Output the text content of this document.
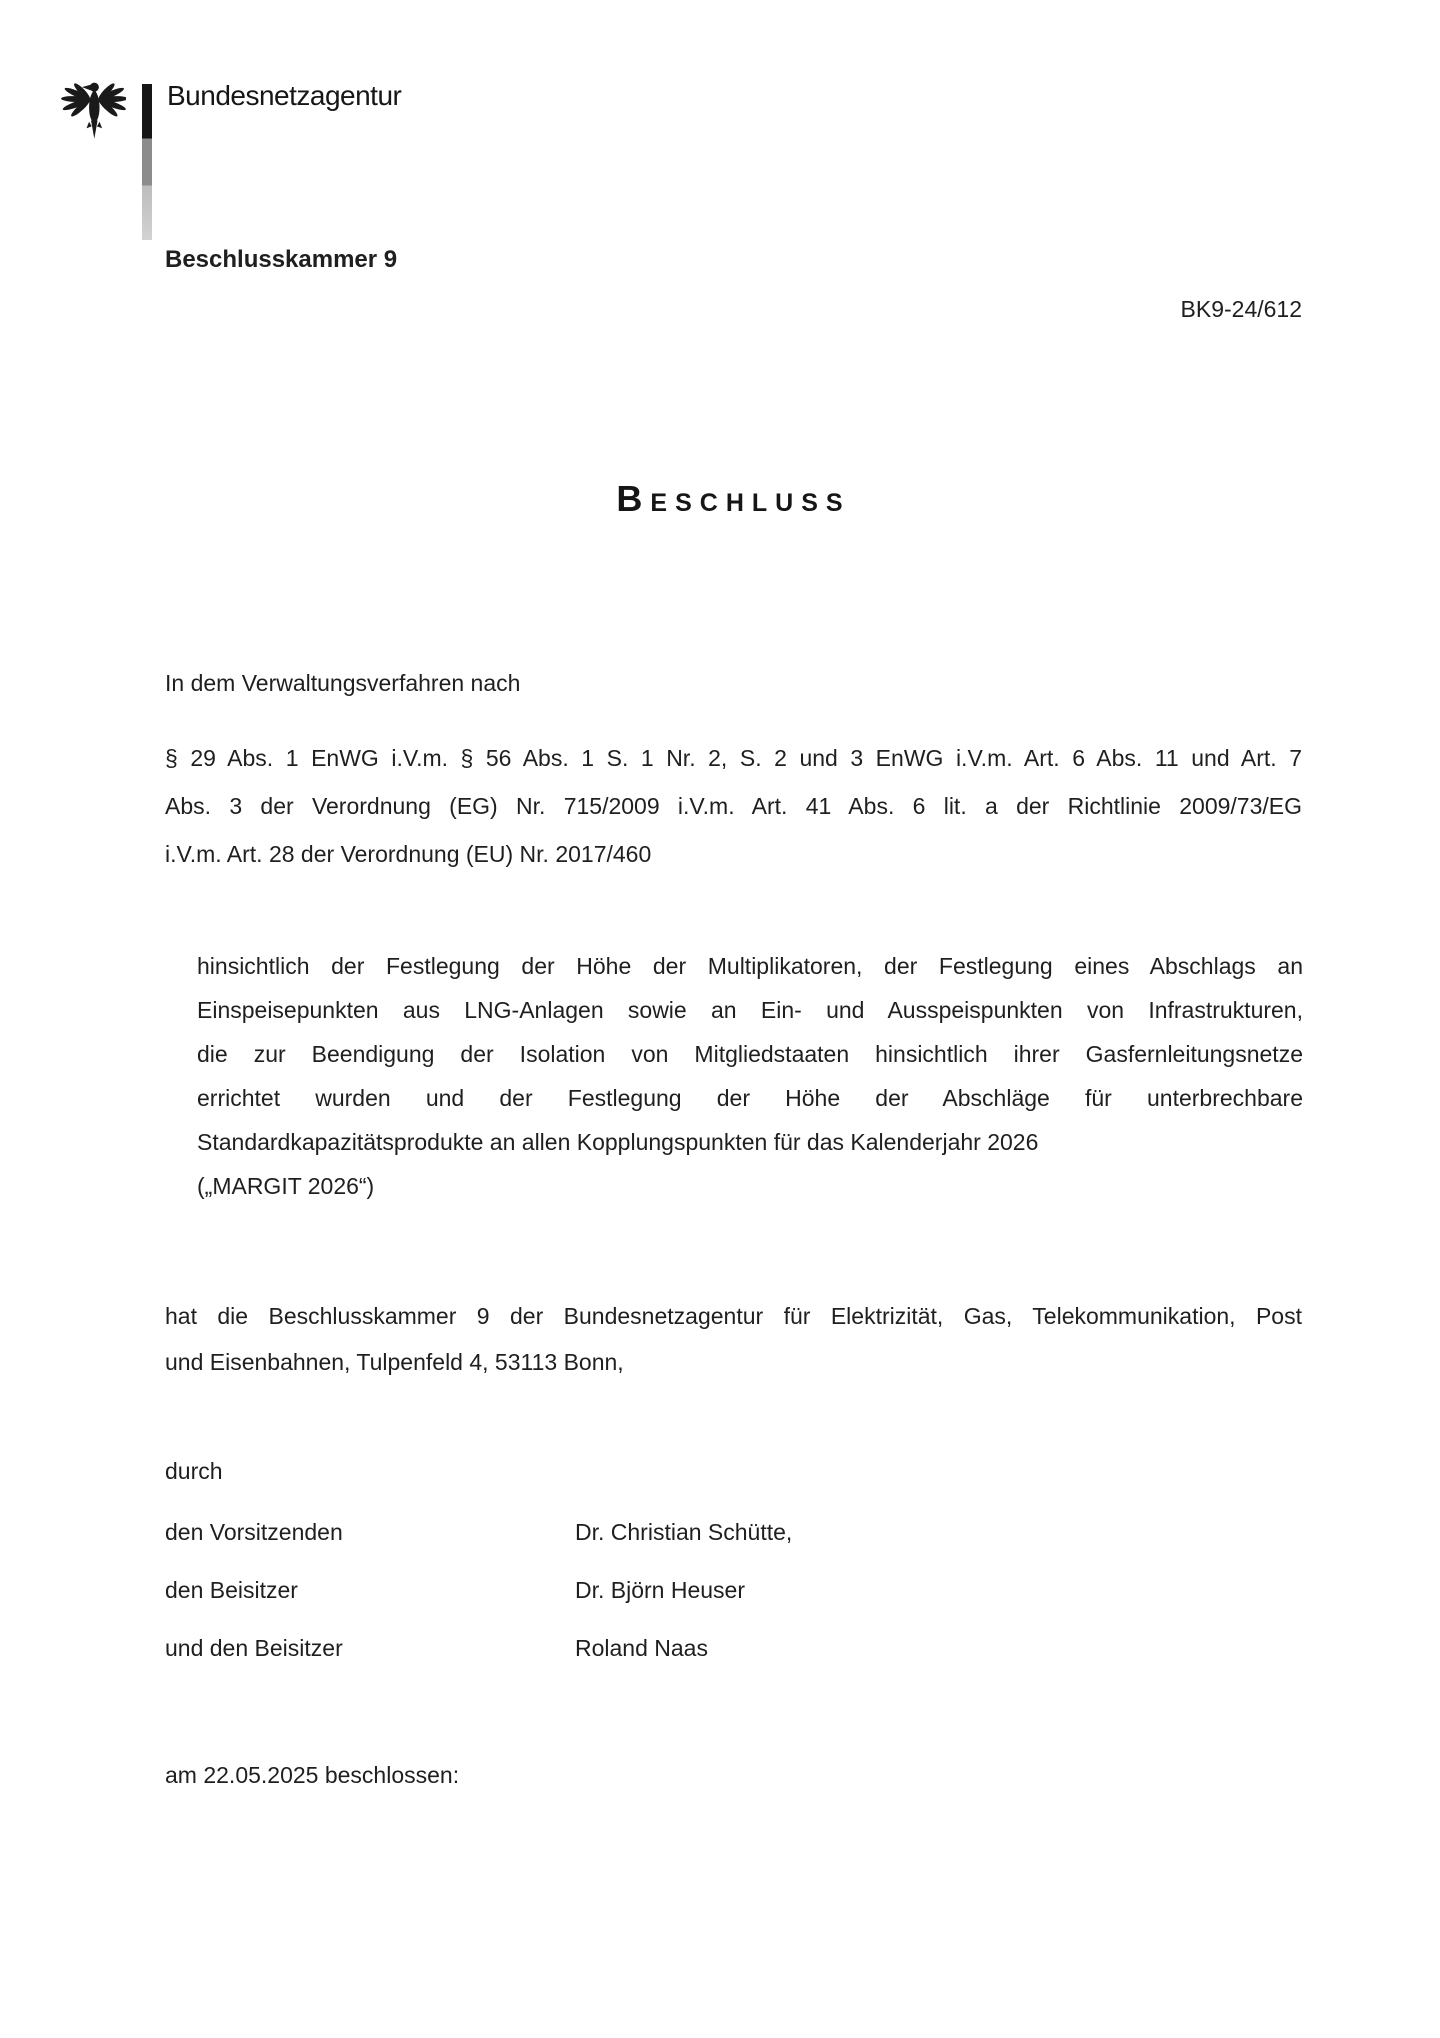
Bundesnetzagentur
Beschlusskammer 9
BK9-24/612
Beschluss
In dem Verwaltungsverfahren nach
§ 29 Abs. 1 EnWG i.V.m. § 56 Abs. 1 S. 1 Nr. 2, S. 2 und 3 EnWG i.V.m. Art. 6 Abs. 11 und Art. 7
Abs. 3 der Verordnung (EG) Nr. 715/2009 i.V.m. Art. 41 Abs. 6 lit. a der Richtlinie 2009/73/EG
i.V.m. Art. 28 der Verordnung (EU) Nr. 2017/460
hinsichtlich der Festlegung der Höhe der Multiplikatoren, der Festlegung eines Abschlags an
Einspeisepunkten aus LNG-Anlagen sowie an Ein- und Ausspeispunkten von Infrastrukturen,
die zur Beendigung der Isolation von Mitgliedstaaten hinsichtlich ihrer Gasfernleitungsnetze
errichtet wurden und der Festlegung der Höhe der Abschläge für unterbrechbare
Standardkapazitätsprodukte an allen Kopplungspunkten für das Kalenderjahr 2026
(„MARGIT 2026“)
hat die Beschlusskammer 9 der Bundesnetzagentur für Elektrizität, Gas, Telekommunikation, Post
und Eisenbahnen, Tulpenfeld 4, 53113 Bonn,
durch
den Vorsitzenden	Dr. Christian Schütte,
den Beisitzer	Dr. Björn Heuser
und den Beisitzer	Roland Naas
am 22.05.2025 beschlossen:
